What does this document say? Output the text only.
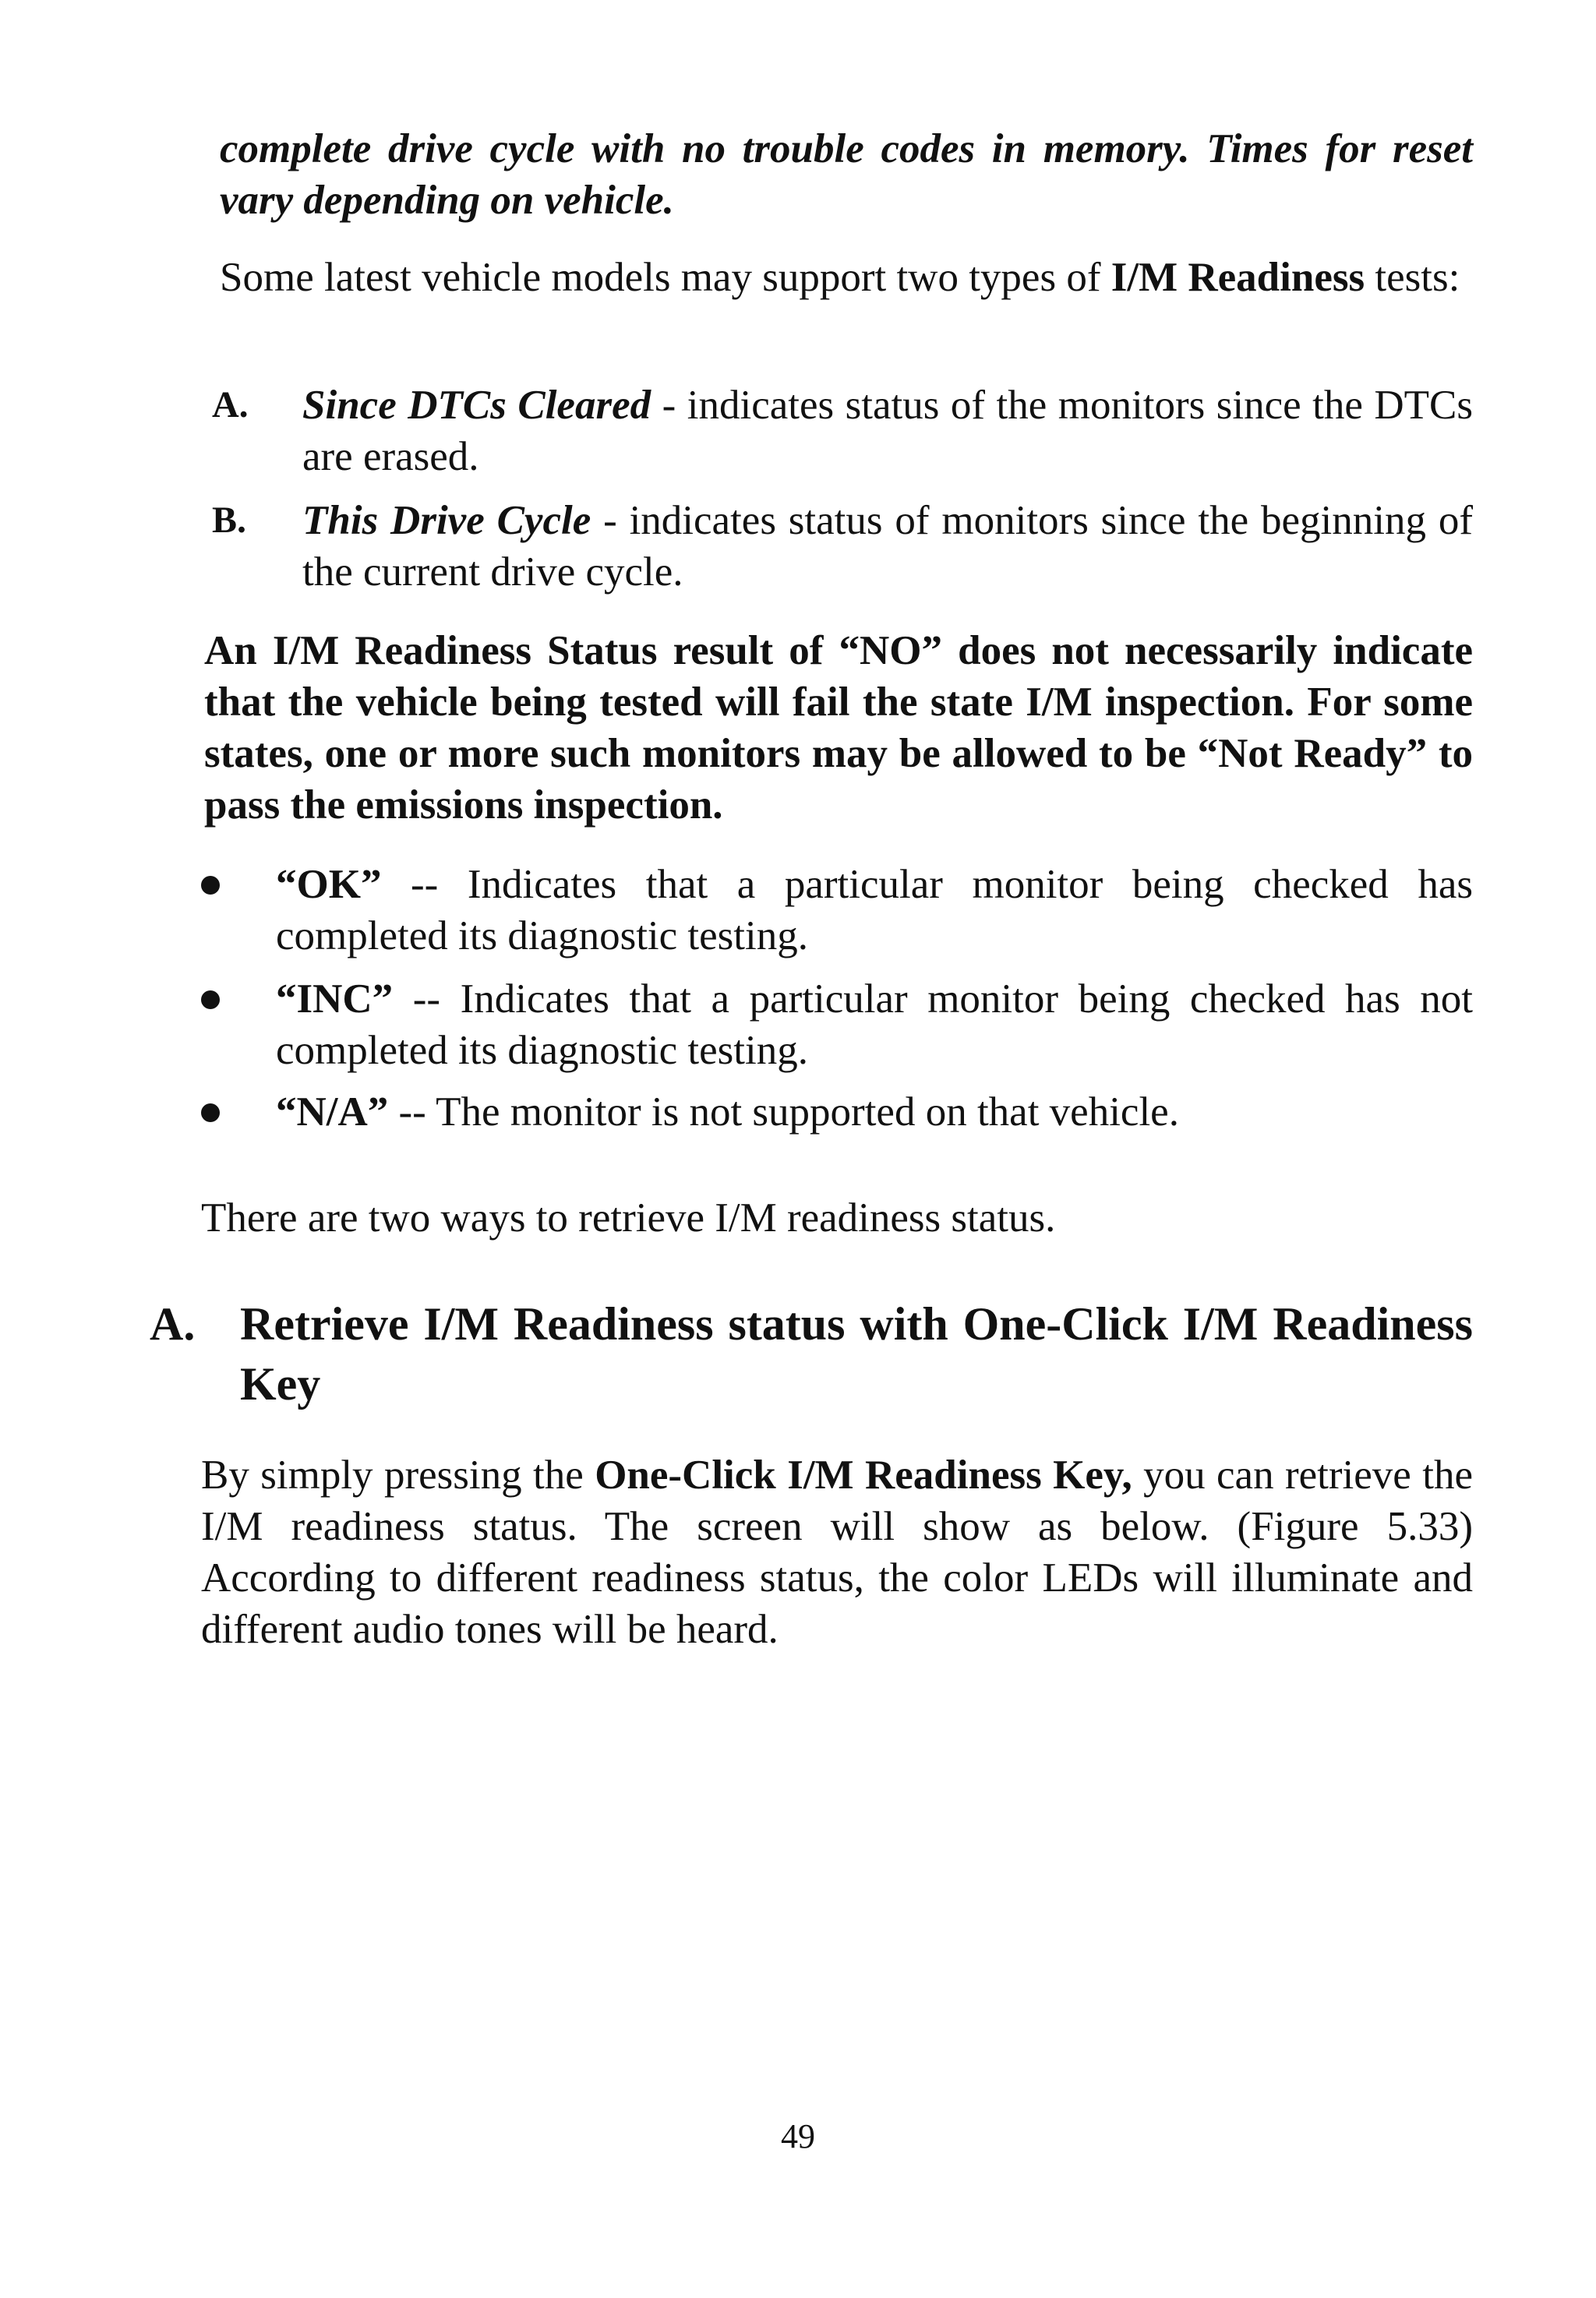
complete drive cycle with no trouble codes in memory. Times for reset vary depending on vehicle.
Some latest vehicle models may support two types of I/M Readiness tests:
A. Since DTCs Cleared - indicates status of the monitors since the DTCs are erased.
B. This Drive Cycle - indicates status of monitors since the beginning of the current drive cycle.
An I/M Readiness Status result of “NO” does not necessarily indicate that the vehicle being tested will fail the state I/M inspection. For some states, one or more such monitors may be allowed to be “Not Ready” to pass the emissions inspection.
“OK” -- Indicates that a particular monitor being checked has completed its diagnostic testing.
“INC” -- Indicates that a particular monitor being checked has not completed its diagnostic testing.
“N/A” -- The monitor is not supported on that vehicle.
There are two ways to retrieve I/M readiness status.
A. Retrieve I/M Readiness status with One-Click I/M Readiness Key
By simply pressing the One-Click I/M Readiness Key, you can retrieve the I/M readiness status. The screen will show as below. (Figure 5.33) According to different readiness status, the color LEDs will illuminate and different audio tones will be heard.
49
